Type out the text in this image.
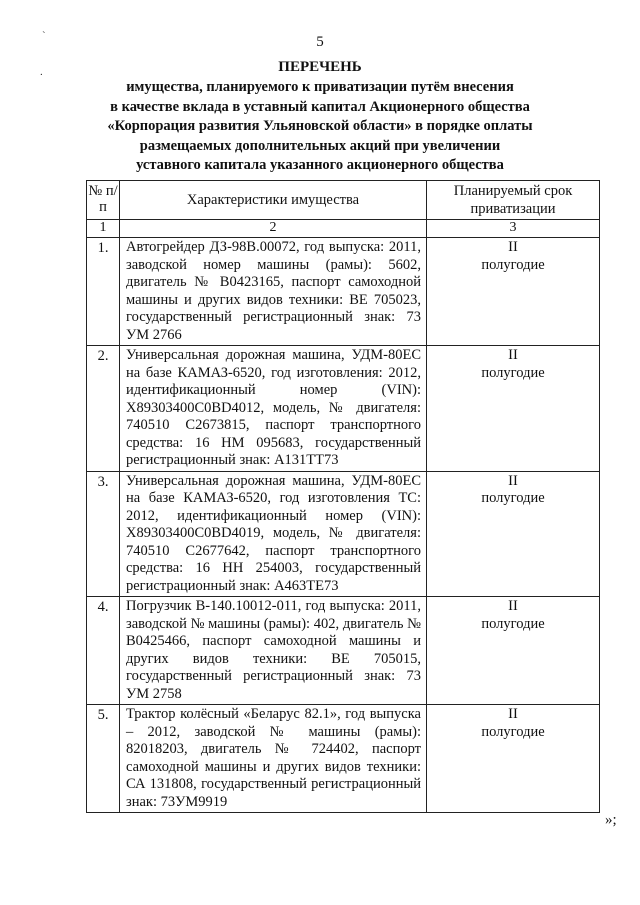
`
.
5
ПЕРЕЧЕНЬ
имущества, планируемого к приватизации путём внесения
в качестве вклада в уставный капитал Акционерного общества
«Корпорация развития Ульяновской области» в порядке оплаты
размещаемых дополнительных акций при увеличении
уставного капитала указанного акционерного общества
№ п/п	Характеристики имущества	Планируемый срок приватизации
1	2	3
1.	Автогрейдер ДЗ-98В.00072, год выпуска: 2011, заводской номер машины (рамы): 5602, двигатель № В0423165, паспорт самоходной машины и других видов техники: ВЕ 705023, государственный регистрационный знак: 73 УМ 2766	II
полугодие

2.	Универсальная дорожная машина, УДМ-80ЕС на базе КАМАЗ-6520, год изготовления: 2012, идентификационный номер (VIN): Х89303400С0ВD4012, модель, № двигателя: 740510 С2673815, паспорт транспортного средства: 16 НМ 095683, государственный регистрационный знак: А131ТТ73	II
полугодие

3.	Универсальная дорожная машина, УДМ-80ЕС на базе КАМАЗ-6520, год изготовления ТС: 2012, идентификационный номер (VIN): Х89303400С0ВD4019, модель, № двигателя: 740510 С2677642, паспорт транспортного средства: 16 НН 254003, государственный регистрационный знак: А463ТЕ73	II
полугодие

4.	Погрузчик В-140.10012-011, год выпуска: 2011, заводской № машины (рамы): 402, двигатель № В0425466, паспорт самоходной машины и других видов техники: ВЕ 705015, государственный регистрационный знак: 73 УМ 2758	II
полугодие

5.	Трактор колёсный «Беларус 82.1», год выпуска – 2012, заводской № машины (рамы): 82018203, двигатель № 724402, паспорт самоходной машины и других видов техники: СА 131808, государственный регистрационный знак: 73УМ9919	II
полугодие
»;
